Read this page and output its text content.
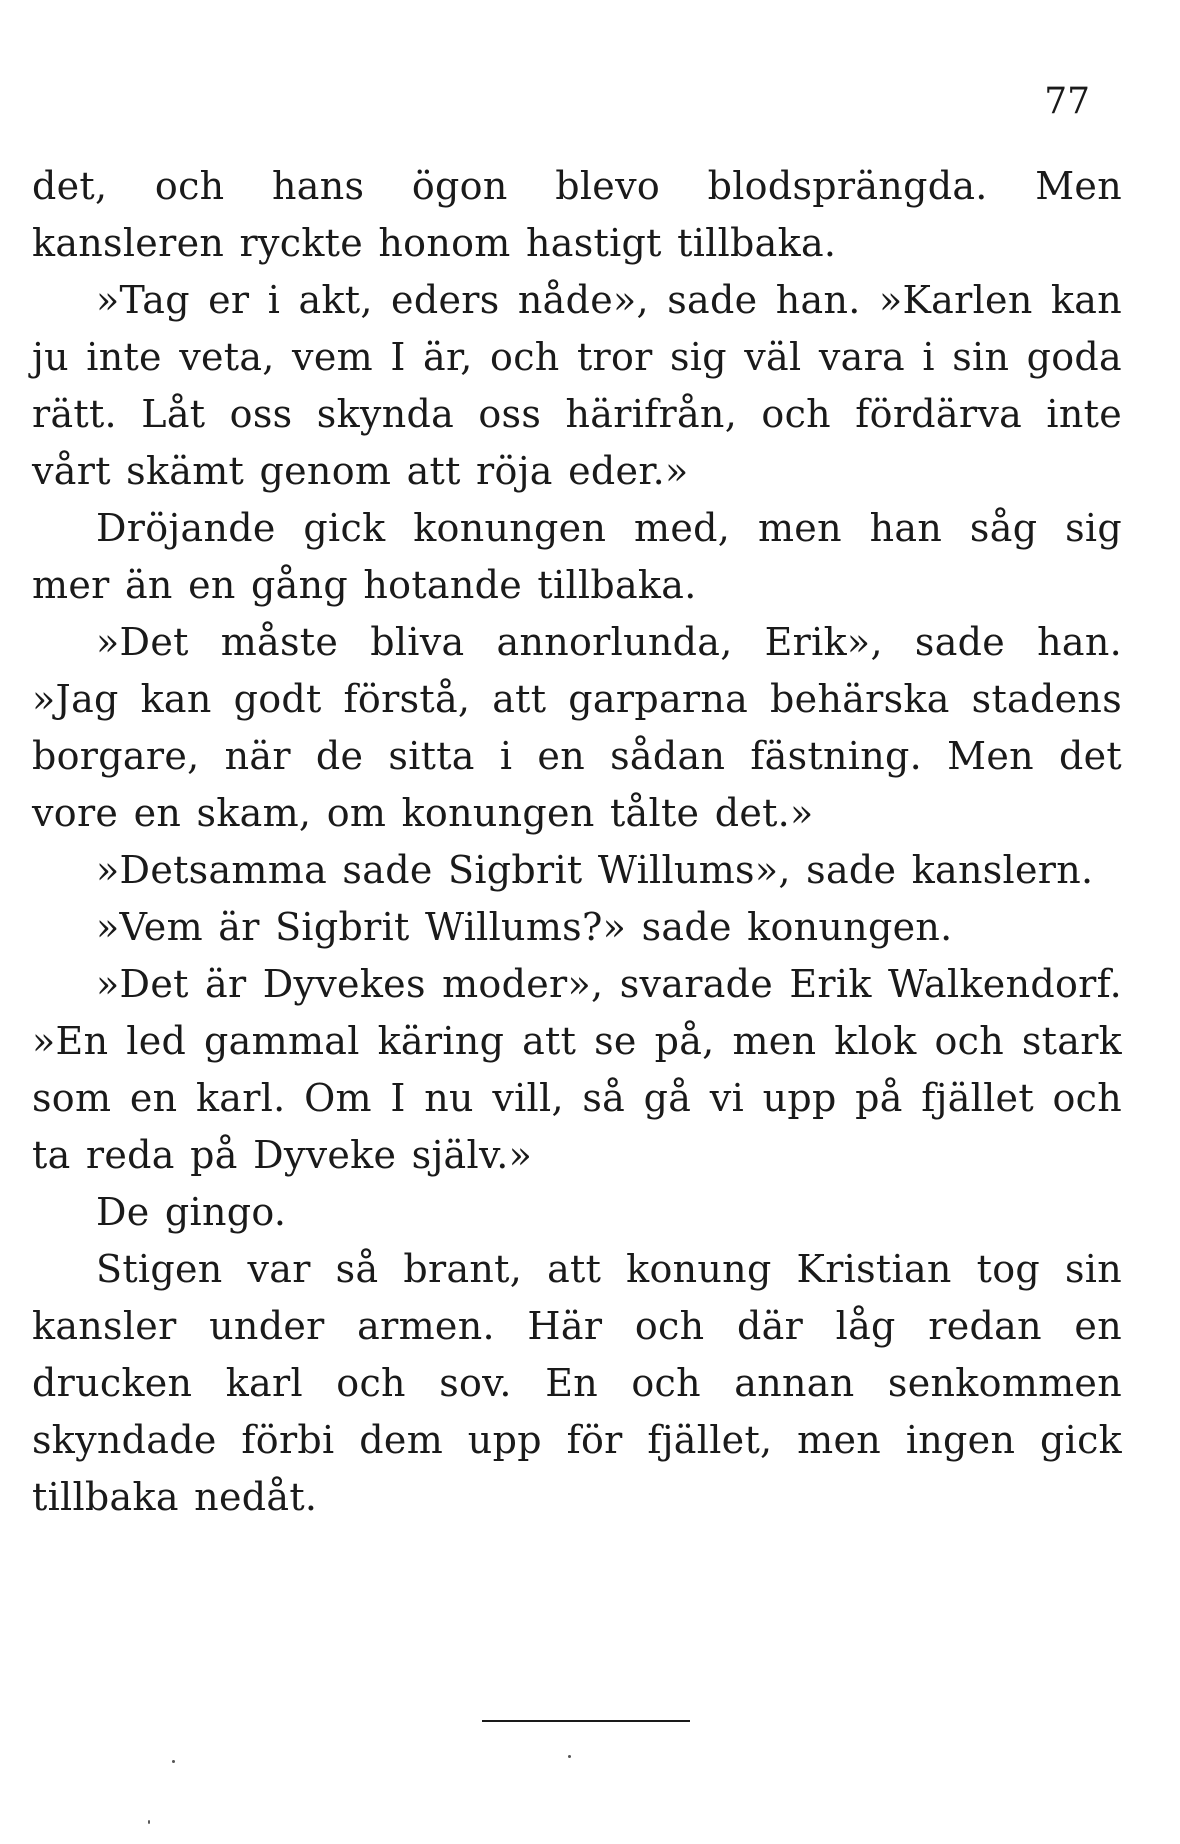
77

det, och hans ögon blevo blodsprängda. Men kansleren ryckte honom hastigt tillbaka.

»Tag er i akt, eders nåde», sade han. »Karlen kan ju inte veta, vem I är, och tror sig väl vara i sin goda rätt. Låt oss skynda oss härifrån, och fördärva inte vårt skämt genom att röja eder.»

Dröjande gick konungen med, men han såg sig mer än en gång hotande tillbaka.

»Det måste bliva annorlunda, Erik», sade han. »Jag kan godt förstå, att garparna behärska stadens borgare, när de sitta i en sådan fästning. Men det vore en skam, om konungen tålte det.»

»Detsamma sade Sigbrit Willums», sade kanslern.

»Vem är Sigbrit Willums?» sade konungen.

»Det är Dyvekes moder», svarade Erik Walkendorf. »En led gammal käring att se på, men klok och stark som en karl. Om I nu vill, så gå vi upp på fjället och ta reda på Dyveke själv.»

De gingo.

Stigen var så brant, att konung Kristian tog sin kansler under armen. Här och där låg redan en drucken karl och sov. En och annan senkommen skyndade förbi dem upp för fjället, men ingen gick tillbaka nedåt.
